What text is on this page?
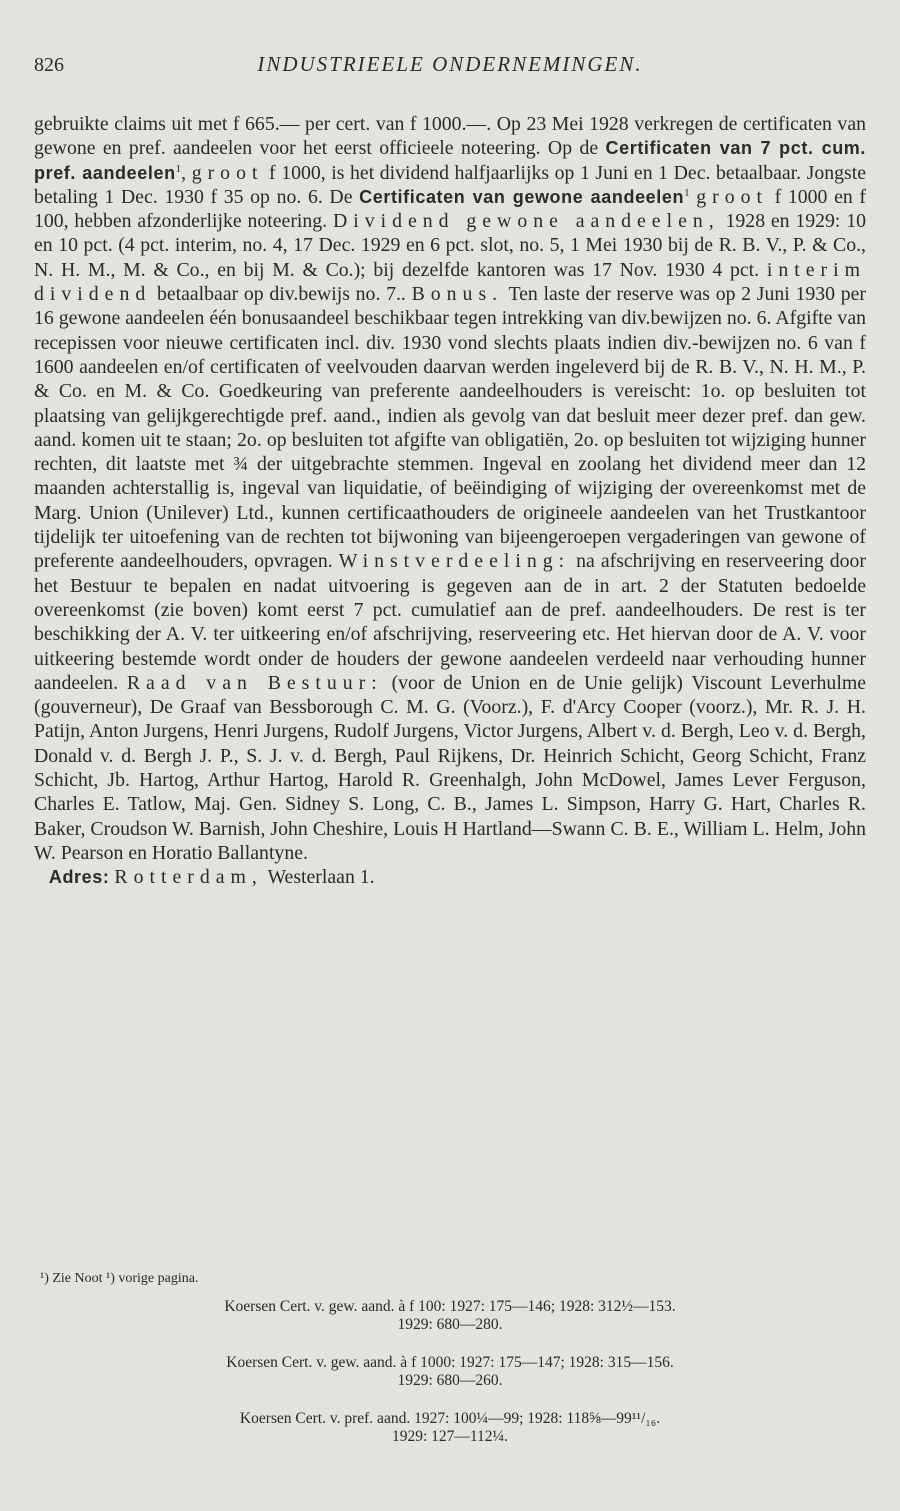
826	INDUSTRIEELE ONDERNEMINGEN.

gebruikte claims uit met f 665.— per cert. van f 1000.—. Op 23 Mei 1928 verkregen de certificaten van gewone en pref. aandeelen voor het eerst officieele noteering. Op de Certificaten van 7 pct. cum. pref. aandeelen$^1$, groot f 1000, is het dividend halfjaarlijks op 1 Juni en 1 Dec. betaalbaar. Jongste betaling 1 Dec. 1930 f 35 op no. 6. De Certificaten van gewone aandeelen$^1$ groot f 1000 en f 100, hebben afzonderlijke noteering. Dividend gewone aandeelen, 1928 en 1929: 10 en 10 pct. (4 pct. interim, no. 4, 17 Dec. 1929 en 6 pct. slot, no. 5, 1 Mei 1930 bij de R. B. V., P. & Co., N. H. M., M. & Co., en bij M. & Co.); bij dezelfde kantoren was 17 Nov. 1930 4 pct. interim dividend betaalbaar op div.bewijs no. 7.. Bonus. Ten laste der reserve was op 2 Juni 1930 per 16 gewone aandeelen één bonusaandeel beschikbaar tegen intrekking van div.bewijzen no. 6. Afgifte van recepissen voor nieuwe certificaten incl. div. 1930 vond slechts plaats indien div.-bewijzen no. 6 van f 1600 aandeelen en/of certificaten of veelvouden daarvan werden ingeleverd bij de R. B. V., N. H. M., P. & Co. en M. & Co. Goedkeuring van preferente aandeelhouders is vereischt: 1o. op besluiten tot plaatsing van gelijkgerechtigde pref. aand., indien als gevolg van dat besluit meer dezer pref. dan gew. aand. komen uit te staan; 2o. op besluiten tot afgifte van obligatiën, 2o. op besluiten tot wijziging hunner rechten, dit laatste met ¾ der uitgebrachte stemmen. Ingeval en zoolang het dividend meer dan 12 maanden achterstallig is, ingeval van liquidatie, of beëindiging of wijziging der overeenkomst met de Marg. Union (Unilever) Ltd., kunnen certificaathouders de origineele aandeelen van het Trustkantoor tijdelijk ter uitoefening van de rechten tot bijwoning van bijeengeroepen vergaderingen van gewone of preferente aandeelhouders, opvragen. Winstverdeeling: na afschrijving en reserveering door het Bestuur te bepalen en nadat uitvoering is gegeven aan de in art. 2 der Statuten bedoelde overeenkomst (zie boven) komt eerst 7 pct. cumulatief aan de pref. aandeelhouders. De rest is ter beschikking der A. V. ter uitkeering en/of afschrijving, reserveering etc. Het hiervan door de A. V. voor uitkeering bestemde wordt onder de houders der gewone aandeelen verdeeld naar verhouding hunner aandeelen. Raad van Bestuur: (voor de Union en de Unie gelijk) Viscount Leverhulme (gouverneur), De Graaf van Bessborough C. M. G. (Voorz.), F. d'Arcy Cooper (voorz.), Mr. R. J. H. Patijn, Anton Jurgens, Henri Jurgens, Rudolf Jurgens, Victor Jurgens, Albert v. d. Bergh, Leo v. d. Bergh, Donald v. d. Bergh J. P., S. J. v. d. Bergh, Paul Rijkens, Dr. Heinrich Schicht, Georg Schicht, Franz Schicht, Jb. Hartog, Arthur Hartog, Harold R. Greenhalgh, John McDowel, James Lever Ferguson, Charles E. Tatlow, Maj. Gen. Sidney S. Long, C. B., James L. Simpson, Harry G. Hart, Charles R. Baker, Croudson W. Barnish, John Cheshire, Louis H Hartland—Swann C. B. E., William L. Helm, John W. Pearson en Horatio Ballantyne.

Adres: Rotterdam, Westerlaan 1.

¹) Zie Noot ¹) vorige pagina.
Koersen Cert. v. gew. aand. à f 100: 1927: 175—146; 1928: 312½—153.
1929: 680—280.
Koersen Cert. v. gew. aand. à f 1000: 1927: 175—147; 1928: 315—156.
1929: 680—260.
Koersen Cert. v. pref. aand. 1927: 100¼—99; 1928: 118⅝—99¹¹/₁₆.
1929: 127—112¼.
